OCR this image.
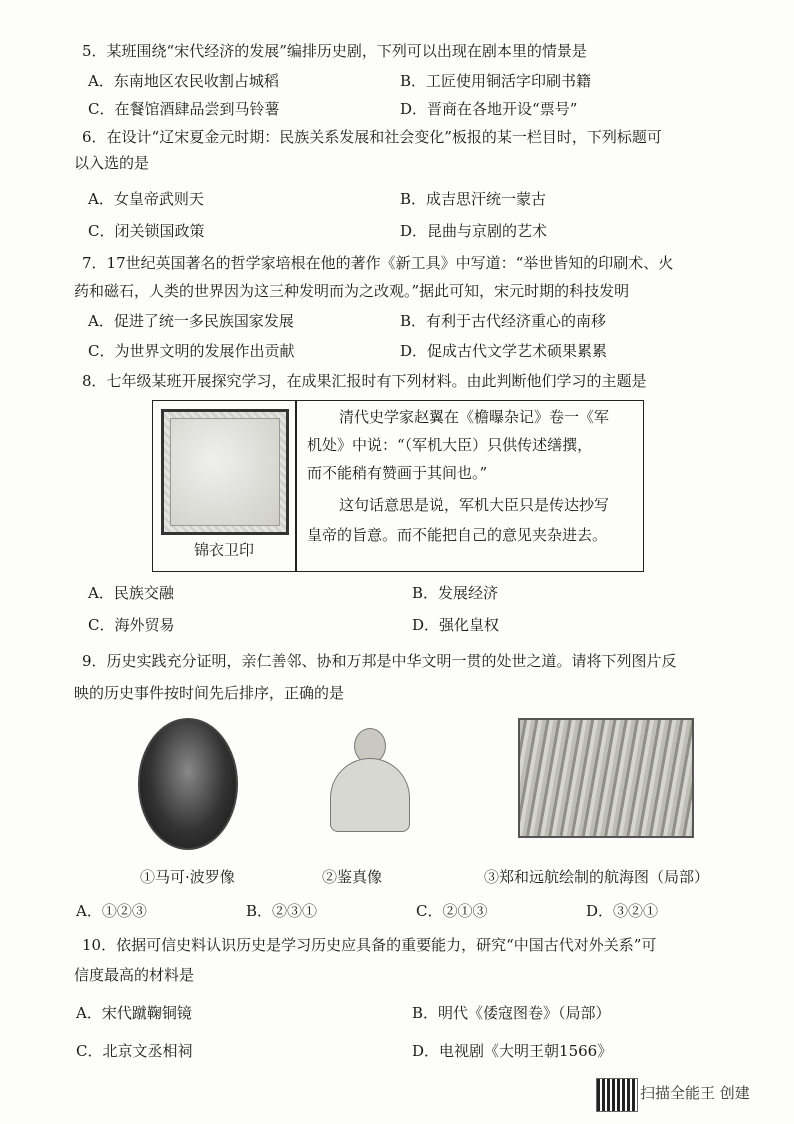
5．某班围绕“宋代经济的发展”编排历史剧，下列可以出现在剧本里的情景是
A．东南地区农民收割占城稻	B．工匠使用铜活字印刷书籍
C．在餐馆酒肆品尝到马铃薯	D．晋商在各地开设“票号”
6．在设计“辽宋夏金元时期：民族关系发展和社会变化”板报的某一栏目时，下列标题可
以入选的是
A．女皇帝武则天	B．成吉思汗统一蒙古
C．闭关锁国政策	D．昆曲与京剧的艺术
7．17世纪英国著名的哲学家培根在他的著作《新工具》中写道：“举世皆知的印刷术、火
药和磁石，人类的世界因为这三种发明而为之改观。”据此可知，宋元时期的科技发明
A．促进了统一多民族国家发展	B．有利于古代经济重心的南移
C．为世界文明的发展作出贡献	D．促成古代文学艺术硕果累累
8．七年级某班开展探究学习，在成果汇报时有下列材料。由此判断他们学习的主题是
锦衣卫印
清代史学家赵翼在《檐曝杂记》卷一《军
机处》中说：“（军机大臣）只供传述缮撰，
而不能稍有赞画于其间也。”
这句话意思是说，军机大臣只是传达抄写
皇帝的旨意。而不能把自己的意见夹杂进去。
A．民族交融	B．发展经济
C．海外贸易	D．强化皇权
9．历史实践充分证明，亲仁善邻、协和万邦是中华文明一贯的处世之道。请将下列图片反
映的历史事件按时间先后排序，正确的是
①马可·波罗像	②鉴真像	③郑和远航绘制的航海图（局部）
A．①②③	B．②③①	C．②①③	D．③②①
10．依据可信史料认识历史是学习历史应具备的重要能力，研究“中国古代对外关系”可
信度最高的材料是
A．宋代蹴鞠铜镜	B．明代《倭寇图卷》（局部）
C．北京文丞相祠	D．电视剧《大明王朝1566》
扫描全能王 创建
